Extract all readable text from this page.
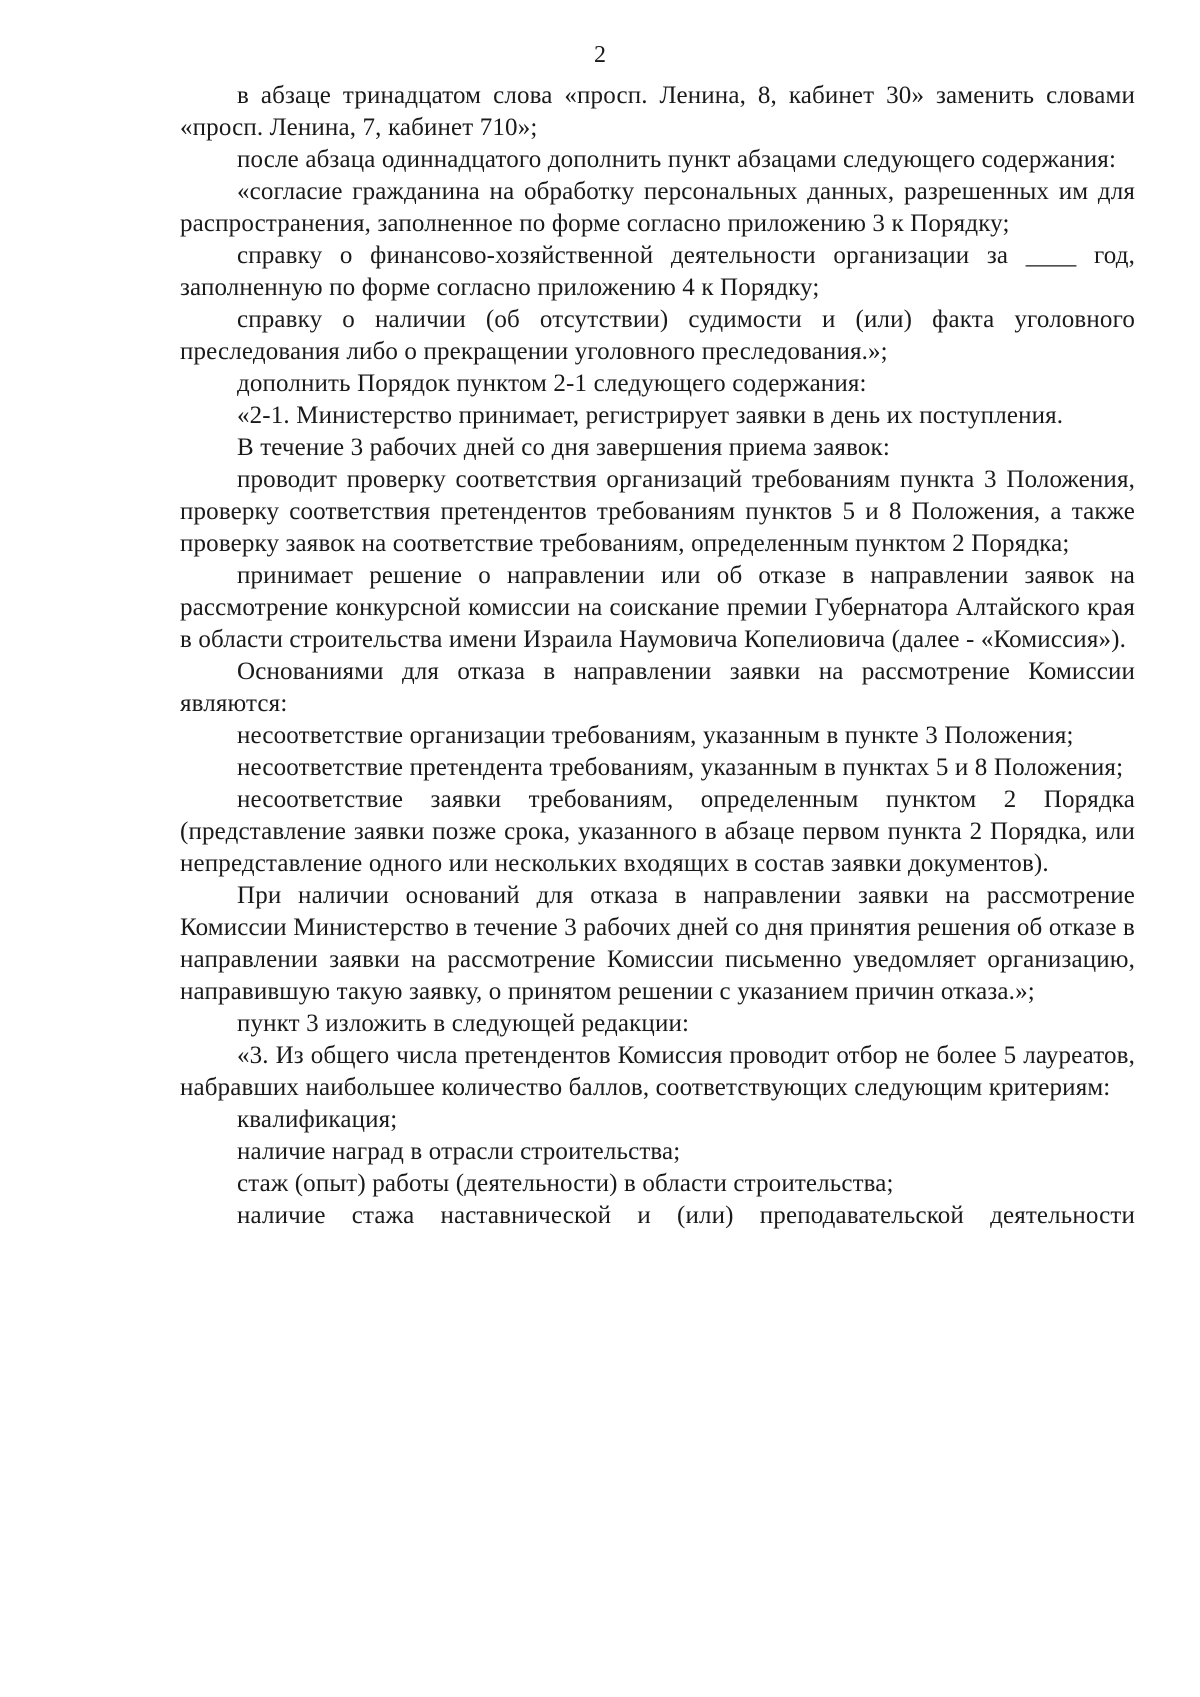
2

в абзаце тринадцатом слова «просп. Ленина, 8, кабинет 30» заменить словами «просп. Ленина, 7, кабинет 710»;

после абзаца одиннадцатого дополнить пункт абзацами следующего содержания:

«согласие гражданина на обработку персональных данных, разрешенных им для распространения, заполненное по форме согласно приложению 3 к Порядку;

справку о финансово-хозяйственной деятельности организации за ____ год, заполненную по форме согласно приложению 4 к Порядку;

справку о наличии (об отсутствии) судимости и (или) факта уголовного преследования либо о прекращении уголовного преследования.»;

дополнить Порядок пунктом 2-1 следующего содержания:

«2-1. Министерство принимает, регистрирует заявки в день их поступления.

В течение 3 рабочих дней со дня завершения приема заявок:

проводит проверку соответствия организаций требованиям пункта 3 Положения, проверку соответствия претендентов требованиям пунктов 5 и 8 Положения, а также проверку заявок на соответствие требованиям, определенным пунктом 2 Порядка;

принимает решение о направлении или об отказе в направлении заявок на рассмотрение конкурсной комиссии на соискание премии Губернатора Алтайского края в области строительства имени Израила Наумовича Копелиовича (далее - «Комиссия»).

Основаниями для отказа в направлении заявки на рассмотрение Комиссии являются:

несоответствие организации требованиям, указанным в пункте 3 Положения;

несоответствие претендента требованиям, указанным в пунктах 5 и 8 Положения;

несоответствие заявки требованиям, определенным пунктом 2 Порядка (представление заявки позже срока, указанного в абзаце первом пункта 2 Порядка, или непредставление одного или нескольких входящих в состав заявки документов).

При наличии оснований для отказа в направлении заявки на рассмотрение Комиссии Министерство в течение 3 рабочих дней со дня принятия решения об отказе в направлении заявки на рассмотрение Комиссии письменно уведомляет организацию, направившую такую заявку, о принятом решении с указанием причин отказа.»;

пункт 3 изложить в следующей редакции:

«3. Из общего числа претендентов Комиссия проводит отбор не более 5 лауреатов, набравших наибольшее количество баллов, соответствующих следующим критериям:

квалификация;

наличие наград в отрасли строительства;

стаж (опыт) работы (деятельности) в области строительства;

наличие стажа наставнической и (или) преподавательской деятельности
